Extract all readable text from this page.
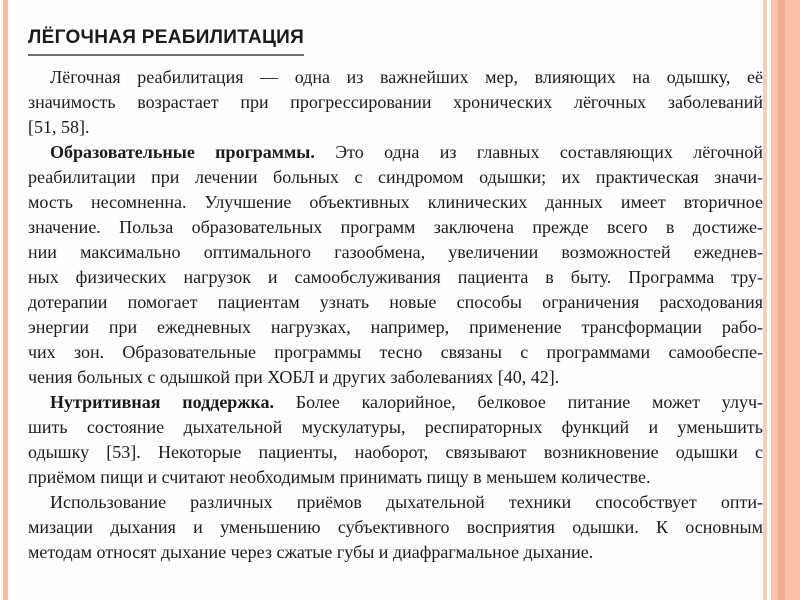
ЛЁГОЧНАЯ РЕАБИЛИТАЦИЯ
Лёгочная реабилитация — одна из важнейших мер, влияющих на одышку, её
значимость возрастает при прогрессировании хронических лёгочных заболеваний
[51, 58].
Образовательные программы. Это одна из главных составляющих лёгочной
реабилитации при лечении больных с синдромом одышки; их практическая значи-
мость несомненна. Улучшение объективных клинических данных имеет вторичное
значение. Польза образовательных программ заключена прежде всего в достиже-
нии максимально оптимального газообмена, увеличении возможностей ежеднев-
ных физических нагрузок и самообслуживания пациента в быту. Программа тру-
дотерапии помогает пациентам узнать новые способы ограничения расходования
энергии при ежедневных нагрузках, например, применение трансформации рабо-
чих зон. Образовательные программы тесно связаны с программами самообеспе-
чения больных с одышкой при ХОБЛ и других заболеваниях [40, 42].
Нутритивная поддержка. Более калорийное, белковое питание может улуч-
шить состояние дыхательной мускулатуры, респираторных функций и уменьшить
одышку [53]. Некоторые пациенты, наоборот, связывают возникновение одышки с
приёмом пищи и считают необходимым принимать пищу в меньшем количестве.
Использование различных приёмов дыхательной техники способствует опти-
мизации дыхания и уменьшению субъективного восприятия одышки. К основным
методам относят дыхание через сжатые губы и диафрагмальное дыхание.
